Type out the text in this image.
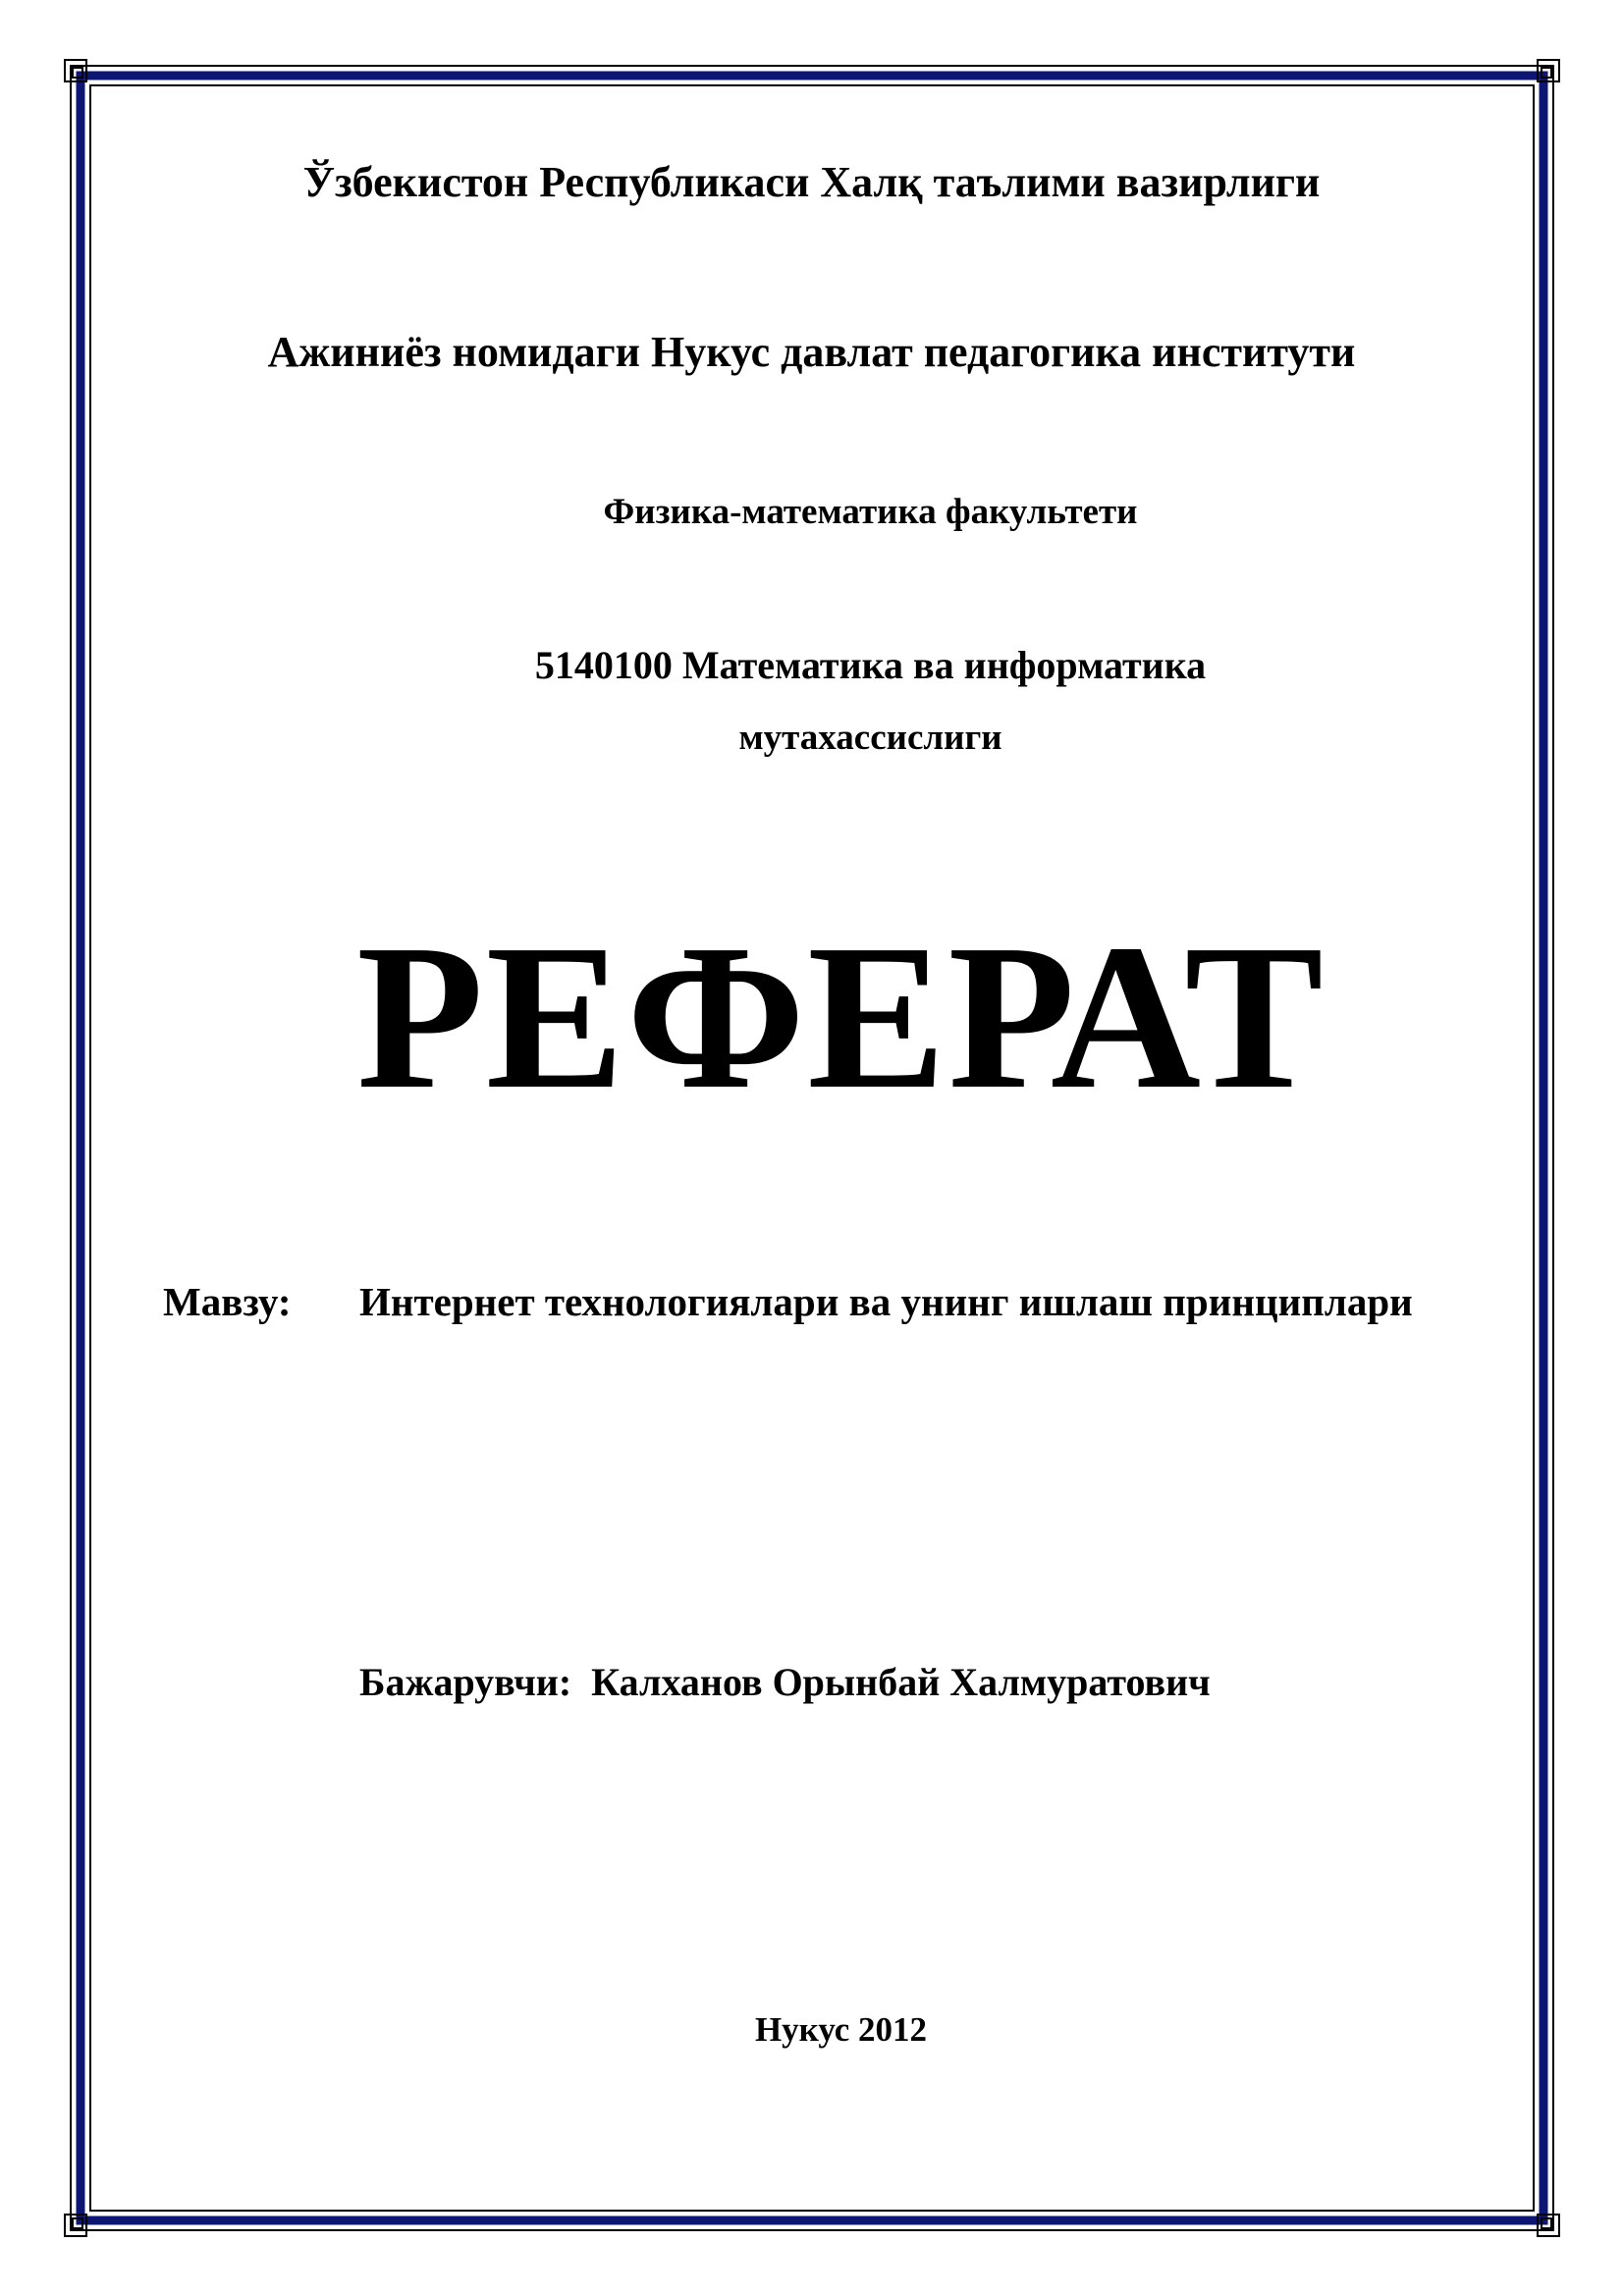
Ўзбекистон Республикаси Халқ таълими вазирлиги
Ажиниёз номидаги Нукус давлат педагогика институти
Физика-математика факультети
5140100 Математика ва информатика
мутахассислиги
РЕФЕРАТ
Мавзу: Интернет технологиялари ва унинг ишлаш принциплари
Бажарувчи: Калханов Орынбай Халмуратович
Нукус 2012
